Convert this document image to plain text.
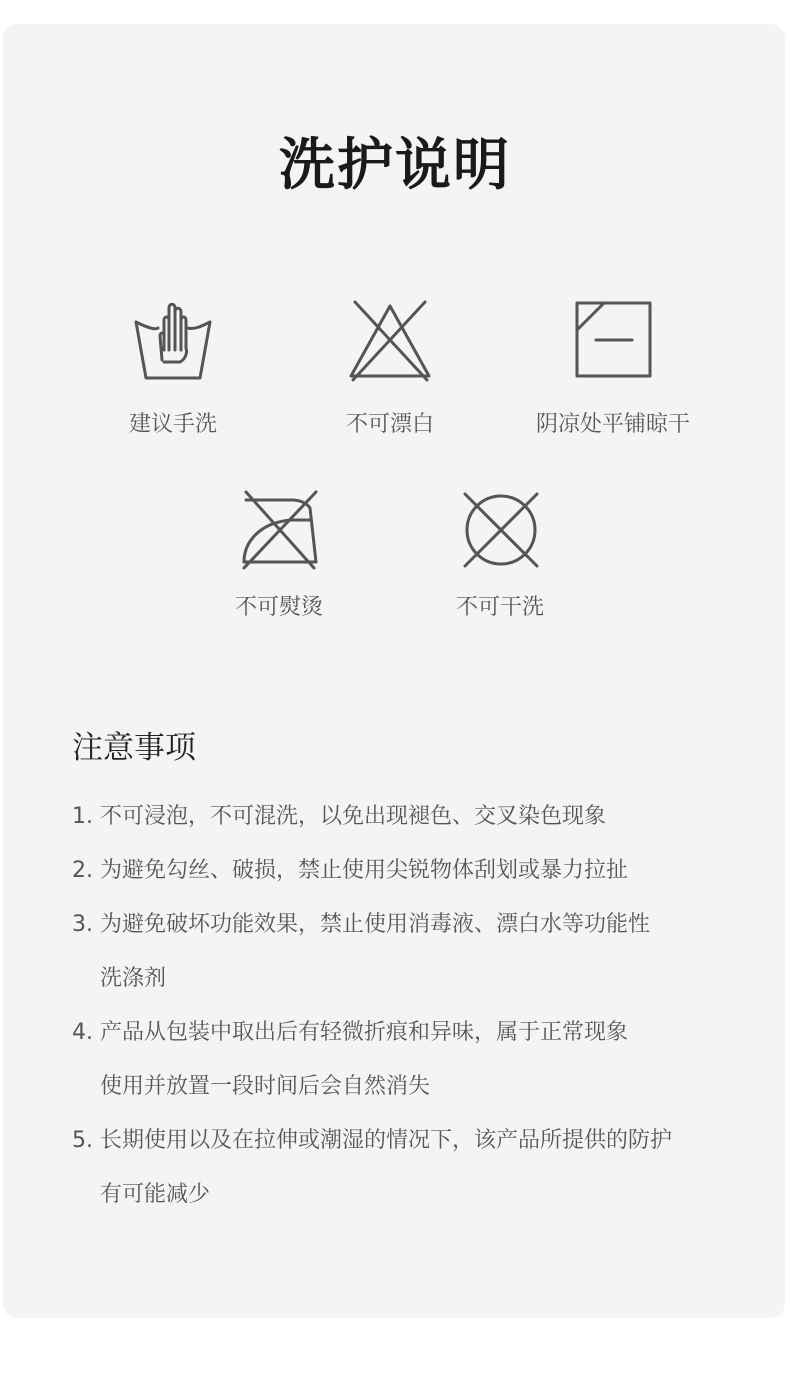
洗护说明
建议手洗	不可漂白	阴凉处平铺晾干
不可熨烫	不可干洗
注意事项
1. 不可浸泡，不可混洗，以免出现褪色、交叉染色现象
2. 为避免勾丝、破损，禁止使用尖锐物体刮划或暴力拉扯
3. 为避免破坏功能效果，禁止使用消毒液、漂白水等功能性
洗涤剂
4. 产品从包装中取出后有轻微折痕和异味，属于正常现象
使用并放置一段时间后会自然消失
5. 长期使用以及在拉伸或潮湿的情况下，该产品所提供的防护
有可能减少
